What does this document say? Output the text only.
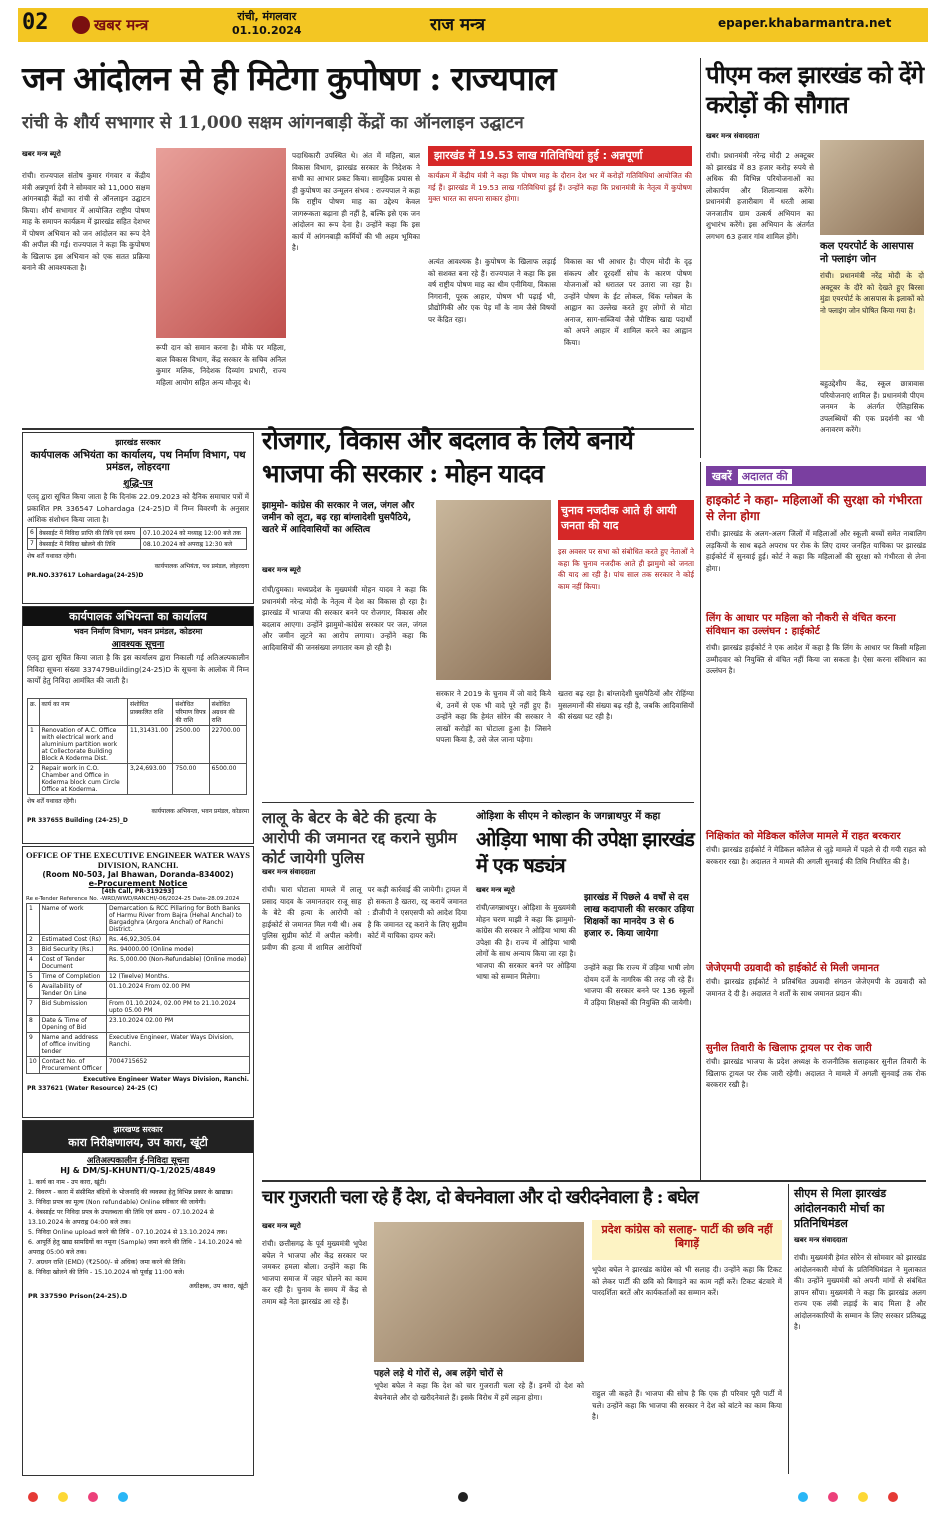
02	खबर मन्त्र	रांची, मंगलवार
01.10.2024	राज मन्त्र	epaper.khabarmantra.net
जन आंदोलन से ही मिटेगा कुपोषण : राज्यपाल
रांची के शौर्य सभागार से 11,000 सक्षम आंगनबाड़ी केंद्रों का ऑनलाइन उद्घाटन
खबर मन्त्र ब्यूरो
रांची। राज्यपाल संतोष कुमार गंगवार व केंद्रीय मंत्री अन्नपूर्णा देवी ने सोमवार को 11,000 सक्षम आंगनबाड़ी केंद्रों का रांची से ऑनलाइन उद्घाटन किया। शौर्य सभागार में आयोजित राष्ट्रीय पोषण माह के समापन कार्यक्रम में झारखंड सहित देशभर में पोषण अभियान को जन आंदोलन का रूप देने की अपील की गई। राज्यपाल ने कहा कि कुपोषण के खिलाफ इस अभियान को एक सतत प्रक्रिया बनाने की आवश्यकता है।
रूपी दान को समान करना है। मौके पर महिला, बाल विकास विभाग, केंद्र सरकार के सचिव अनिल कुमार मलिक, निदेशक दिव्यांग प्रभारी, राज्य महिला आयोग सहित अन्य मौजूद थे।
पदाधिकारी उपस्थित थे। अंत में महिला, बाल विकास विभाग, झारखंड सरकार के निदेशक ने सभी का आभार प्रकट किया। सामूहिक प्रयास से ही कुपोषण का उन्मूलन संभव : राज्यपाल ने कहा कि राष्ट्रीय पोषण माह का उद्देश्य केवल जागरूकता बढ़ाना ही नहीं है, बल्कि इसे एक जन आंदोलन का रूप देना है। उन्होंने कहा कि इस कार्य में आंगनबाड़ी कर्मियों की भी अहम भूमिका है।
झारखंड में 19.53 लाख गतिविधियां हुई : अन्नपूर्णा
कार्यक्रम में केंद्रीय मंत्री ने कहा कि पोषण माह के दौरान देश भर में करोड़ों गतिविधियां आयोजित की गई हैं। झारखंड में 19.53 लाख गतिविधियां हुई हैं। उन्होंने कहा कि प्रधानमंत्री के नेतृत्व में कुपोषण मुक्त भारत का सपना साकार होगा।
अत्यंत आवश्यक है। कुपोषण के खिलाफ लड़ाई को सशक्त बना रहे हैं। राज्यपाल ने कहा कि इस वर्ष राष्ट्रीय पोषण माह का थीम एनीमिया, विकास निगरानी, पूरक आहार, पोषण भी पढ़ाई भी, प्रौद्योगिकी और एक पेड़ माँ के नाम जैसे विषयों पर केंद्रित रहा।
विकास का भी आधार है। पीएम मोदी के दृढ़ संकल्प और दूरदर्शी सोच के कारण पोषण योजनाओं को धरातल पर उतारा जा रहा है। उन्होंने पोषण के ईट लोकल, थिंक ग्लोबल के आह्वान का उल्लेख करते हुए लोगों से मोटा अनाज, साग-सब्जियां जैसे पौष्टिक खाद्य पदार्थों को अपने आहार में शामिल करने का आह्वान किया।
पीएम कल झारखंड को देंगे करोड़ों की सौगात
खबर मन्त्र संवाददाता
रांची। प्रधानमंत्री नरेन्द्र मोदी 2 अक्टूबर को झारखंड में 83 हजार करोड़ रुपये से अधिक की विभिन्न परियोजनाओं का लोकार्पण और शिलान्यास करेंगे। प्रधानमंत्री हजारीबाग में धरती आबा जनजातीय ग्राम उत्कर्ष अभियान का शुभारंभ करेंगे। इस अभियान के अंतर्गत लगभग 63 हजार गांव शामिल होंगे।
कल एयरपोर्ट के आसपास नो फ्लाइंग जोन
रांची। प्रधानमंत्री नरेंद्र मोदी के दो अक्टूबर के दौरे को देखते हुए बिरसा मुंडा एयरपोर्ट के आसपास के इलाकों को नो फ्लाइंग जोन घोषित किया गया है।
बहुउद्देशीय केंद्र, स्कूल छात्रावास परियोजनाएं शामिल हैं। प्रधानमंत्री पीएम जनमन के अंतर्गत ऐतिहासिक उपलब्धियों की एक प्रदर्शनी का भी अनावरण करेंगे।
झारखंड सरकार
कार्यपालक अभियंता का कार्यालय, पथ निर्माण विभाग, पथ प्रमंडल, लोहरदगा
शुद्धि-पत्र
एतद् द्वारा सूचित किया जाता है कि दिनांक 22.09.2023 को दैनिक समाचार पत्रों में प्रकाशित PR 336547 Lohardaga (24-25)D में निम्न विवरणी के अनुसार आंशिक संशोधन किया जाता है।
6	वेबसाईट में निविदा प्राप्ति की तिथि एवं समय	07.10.2024 को मध्याह्न 12:00 बजे तक
7	वेबसाईट में निविदा खोलने की तिथि	08.10.2024 को अपराह्न 12:30 बजे
शेष शर्तें यथावत रहेंगी।
कार्यपालक अभियंता, पथ प्रमंडल, लोहरदगा
PR.NO.337617 Lohardaga(24-25)D
कार्यपालक अभियन्ता का कार्यालय
भवन निर्माण विभाग, भवन प्रमंडल, कोडरमा
आवश्यक सूचना
एतद् द्वारा सूचित किया जाता है कि इस कार्यालय द्वारा निकाली गई अतिअल्पकालीन निविदा सूचना संख्या 337479Building(24-25)D के सूचना के आलोक में निम्न कार्यों हेतु निविदा आमंत्रित की जाती है।
क्र.	कार्य का नाम	संशोधित प्राक्कलित राशि	संशोधित परिमाण विपत्र की राशि	संशोधित अग्रधन की राशि
1	Renovation of A.C. Office with electrical work and aluminium partition work at Collectorate Building Block A Koderma Dist.	11,31431.00	2500.00	22700.00
2	Repair work in C.O. Chamber and Office in Koderma block cum Circle Office at Koderma.	3,24,693.00	750.00	6500.00
शेष शर्तें यथावत रहेंगी।
कार्यपालक अभियन्ता, भवन प्रमंडल, कोडरमा
PR 337655 Building (24-25)_D
OFFICE OF THE EXECUTIVE ENGINEER WATER WAYS DIVISION, RANCHI.
(Room N0-503, Jal Bhawan, Doranda-834002)
e-Procurement Notice
[4th Call, PR-319293]
Re e-Tender Reference No. -WRD/WWD/RANCHI/-06/2024-25 Date-28.09.2024
1	Name of work	Demarcation & RCC Pillaring for Both Banks of Harmu River from Bajra (Hehal Anchal) to Bargadghra (Argora Anchal) of Ranchi District.
2	Estimated Cost (Rs)	Rs. 46,92,305.04
3	Bid Security (Rs.)	Rs. 94000.00 (Online mode)
4	Cost of Tender Document	Rs. 5,000.00 (Non-Refundable) (Online mode)
5	Time of Completion	12 (Twelve) Months.
6	Availability of Tender On Line	01.10.2024 From 02.00 PM
7	Bid Submission	From 01.10.2024, 02.00 PM to 21.10.2024 upto 05.00 PM
8	Date & Time of Opening of Bid	23.10.2024 02.00 PM
9	Name and address of office inviting tender	Executive Engineer, Water Ways Division, Ranchi.
10	Contact No. of Procurement Officer	7004715652
Executive Engineer Water Ways Division, Ranchi.
PR 337621 (Water Resource) 24-25 (C)
झारखण्ड सरकार
कारा निरीक्षणालय, उप कारा, खूंटी
अतिअल्पकालीन ई-निविदा सूचना
HJ & DM/SJ-KHUNTI/Q-1/2025/4849
1. कार्य का नाम - उप कारा, खूंटी।
2. विवरण - कारा में संसीमित बंदियों के भोजनादि की व्यवस्था हेतु विभिन्न प्रकार के खाद्यान्न।
3. निविदा प्रपत्र का मूल्य (Non refundable) Online स्वीकार की जायेगी।
4. वेबसाईट पर निविदा प्रपत्र के उपलब्धता की तिथि एवं समय - 07.10.2024 से 13.10.2024 के अपराह्न 04:00 बजे तक।
5. निविदा Online upload करने की तिथि - 07.10.2024 से 13.10.2024 तक।
6. आपूर्ति हेतु खाद्य सामग्रियों का नमूना (Sample) जमा करने की तिथि - 14.10.2024 को अपराह्न 05:00 बजे तक।
7. अग्रधन राशि (EMD) (₹2500/- से अधिक) जमा करने की तिथि।
8. निविदा खोलने की तिथि - 15.10.2024 को पूर्वाह्न 11:00 बजे।
अधीक्षक, उप कारा, खूंटी
PR 337590 Prison(24-25).D
रोजगार, विकास और बदलाव के लिये बनायें भाजपा की सरकार : मोहन यादव
झामुमो- कांग्रेस की सरकार ने जल, जंगल और जमीन को लूटा, बढ़ रहा बांग्लादेशी घुसपैठिये, खतरे में आदिवासियों का अस्तित्व
खबर मन्त्र ब्यूरो
रांची/दुमका। मध्यप्रदेश के मुख्यमंत्री मोहन यादव ने कहा कि प्रधानमंत्री नरेन्द्र मोदी के नेतृत्व में देश का विकास हो रहा है। झारखंड में भाजपा की सरकार बनने पर रोजगार, विकास और बदलाव आएगा। उन्होंने झामुमो-कांग्रेस सरकार पर जल, जंगल और जमीन लूटने का आरोप लगाया। उन्होंने कहा कि आदिवासियों की जनसंख्या लगातार कम हो रही है।
चुनाव नजदीक आते ही आयी जनता की याद
इस अवसर पर सभा को संबोधित करते हुए नेताओं ने कहा कि चुनाव नजदीक आते ही झामुमो को जनता की याद आ रही है। पांच साल तक सरकार ने कोई काम नहीं किया।
सरकार ने 2019 के चुनाव में जो वादे किये थे, उनमें से एक भी वादे पूरे नहीं हुए हैं। उन्होंने कहा कि हेमंत सोरेन की सरकार ने लाखों करोड़ों का घोटाला हुआ है। जिसने घपला किया है, उसे जेल जाना पड़ेगा।
खतरा बढ़ रहा है। बांग्लादेशी घुसपैठियों और रोहिंग्या मुसलमानों की संख्या बढ़ रही है, जबकि आदिवासियों की संख्या घट रही है।
लालू के बेटर के बेटे की हत्या के आरोपी की जमानत रद्द कराने सुप्रीम कोर्ट जायेगी पुलिस
खबर मन्त्र संवाददाता
रांची। चारा घोटाला मामले में लालू प्रसाद यादव के जमानतदार राजू साह के बेटे की हत्या के आरोपी को हाईकोर्ट से जमानत मिल गयी थी। अब पुलिस सुप्रीम कोर्ट में अपील करेगी। प्रवीण की हत्या में शामिल आरोपियों पर कड़ी कार्रवाई की जायेगी। ट्रायल में हो सकता है खतरा, रद्द करायें जमानत : डीजीपी ने एसएसपी को आदेश दिया है कि जमानत रद्द कराने के लिए सुप्रीम कोर्ट में याचिका दायर करें।
ओड़िशा के सीएम ने कोल्हान के जगन्नाथपुर में कहा
ओड़िया भाषा की उपेक्षा झारखंड में एक षड्यंत्र
खबर मन्त्र ब्यूरो
रांची/जगन्नाथपुर। ओड़िशा के मुख्यमंत्री मोहन चरण माझी ने कहा कि झामुमो-कांग्रेस की सरकार ने ओड़िया भाषा की उपेक्षा की है। राज्य में ओड़िया भाषी लोगों के साथ अन्याय किया जा रहा है। भाजपा की सरकार बनने पर ओड़िया भाषा को सम्मान मिलेगा।
झारखंड में पिछले 4 वर्षों से दस लाख कदापाली की सरकार उड़िया शिक्षकों का मानदेय 3 से 6 हजार रु. किया जायेगा
उन्होंने कहा कि राज्य में उड़िया भाषी लोग दोयम दर्जे के नागरिक की तरह जी रहे हैं। भाजपा की सरकार बनने पर 136 स्कूलों में उड़िया शिक्षकों की नियुक्ति की जायेगी।
खबरें अदालत की
हाइकोर्ट ने कहा- महिलाओं की सुरक्षा को गंभीरता से लेना होगा
रांची। झारखंड के अलग-अलग जिलों में महिलाओं और स्कूली बच्चों समेत नाबालिग लड़कियों के साथ बढ़ते अपराध पर रोक के लिए दायर जनहित याचिका पर झारखंड हाईकोर्ट में सुनवाई हुई। कोर्ट ने कहा कि महिलाओं की सुरक्षा को गंभीरता से लेना होगा।
लिंग के आधार पर महिला को नौकरी से वंचित करना संविधान का उल्लंघन : हाईकोर्ट
रांची। झारखंड हाईकोर्ट ने एक आदेश में कहा है कि लिंग के आधार पर किसी महिला उम्मीदवार को नियुक्ति से वंचित नहीं किया जा सकता है। ऐसा करना संविधान का उल्लंघन है।
निक्षिकांत को मेडिकल कॉलेज मामले में राहत बरकरार
रांची। झारखंड हाईकोर्ट ने मेडिकल कॉलेज से जुड़े मामले में पहले से दी गयी राहत को बरकरार रखा है। अदालत ने मामले की अगली सुनवाई की तिथि निर्धारित की है।
जेजेएमपी उग्रवादी को हाईकोर्ट से मिली जमानत
रांची। झारखंड हाईकोर्ट ने प्रतिबंधित उग्रवादी संगठन जेजेएमपी के उग्रवादी को जमानत दे दी है। अदालत ने शर्तों के साथ जमानत प्रदान की।
सुनील तिवारी के खिलाफ ट्रायल पर रोक जारी
रांची। झारखंड भाजपा के प्रदेश अध्यक्ष के राजनीतिक सलाहकार सुनील तिवारी के खिलाफ ट्रायल पर रोक जारी रहेगी। अदालत ने मामले में अगली सुनवाई तक रोक बरकरार रखी है।
चार गुजराती चला रहे हैं देश, दो बेचनेवाला और दो खरीदनेवाला है : बघेल
खबर मन्त्र ब्यूरो
रांची। छत्तीसगढ़ के पूर्व मुख्यमंत्री भूपेश बघेल ने भाजपा और केंद्र सरकार पर जमकर हमला बोला। उन्होंने कहा कि भाजपा समाज में जहर घोलने का काम कर रही है। चुनाव के समय में केंद्र से तमाम बड़े नेता झारखंड आ रहे हैं।
पहले लड़े थे गोरों से, अब लड़ेंगे चोरों से
भूपेश बघेल ने कहा कि देश को चार गुजराती चला रहे हैं। इनमें दो देश को बेचनेवाले और दो खरीदनेवाले हैं। इसके विरोध में हमें लड़ना होगा।
प्रदेश कांग्रेस को सलाह- पार्टी की छवि नहीं बिगाड़ें
भूपेश बघेल ने झारखंड कांग्रेस को भी सलाह दी। उन्होंने कहा कि टिकट को लेकर पार्टी की छवि को बिगाड़ने का काम नहीं करें। टिकट बंटवारे में पारदर्शिता बरतें और कार्यकर्ताओं का सम्मान करें।
राहुल जी कहते हैं। भाजपा की सोच है कि एक ही परिवार पूरी पार्टी में चले। उन्होंने कहा कि भाजपा की सरकार ने देश को बांटने का काम किया है।
सीएम से मिला झारखंड आंदोलनकारी मोर्चा का प्रतिनिधिमंडल
खबर मन्त्र संवाददाता
रांची। मुख्यमंत्री हेमंत सोरेन से सोमवार को झारखंड आंदोलनकारी मोर्चा के प्रतिनिधिमंडल ने मुलाकात की। उन्होंने मुख्यमंत्री को अपनी मांगों से संबंधित ज्ञापन सौंपा। मुख्यमंत्री ने कहा कि झारखंड अलग राज्य एक लंबी लड़ाई के बाद मिला है और आंदोलनकारियों के सम्मान के लिए सरकार प्रतिबद्ध है।
